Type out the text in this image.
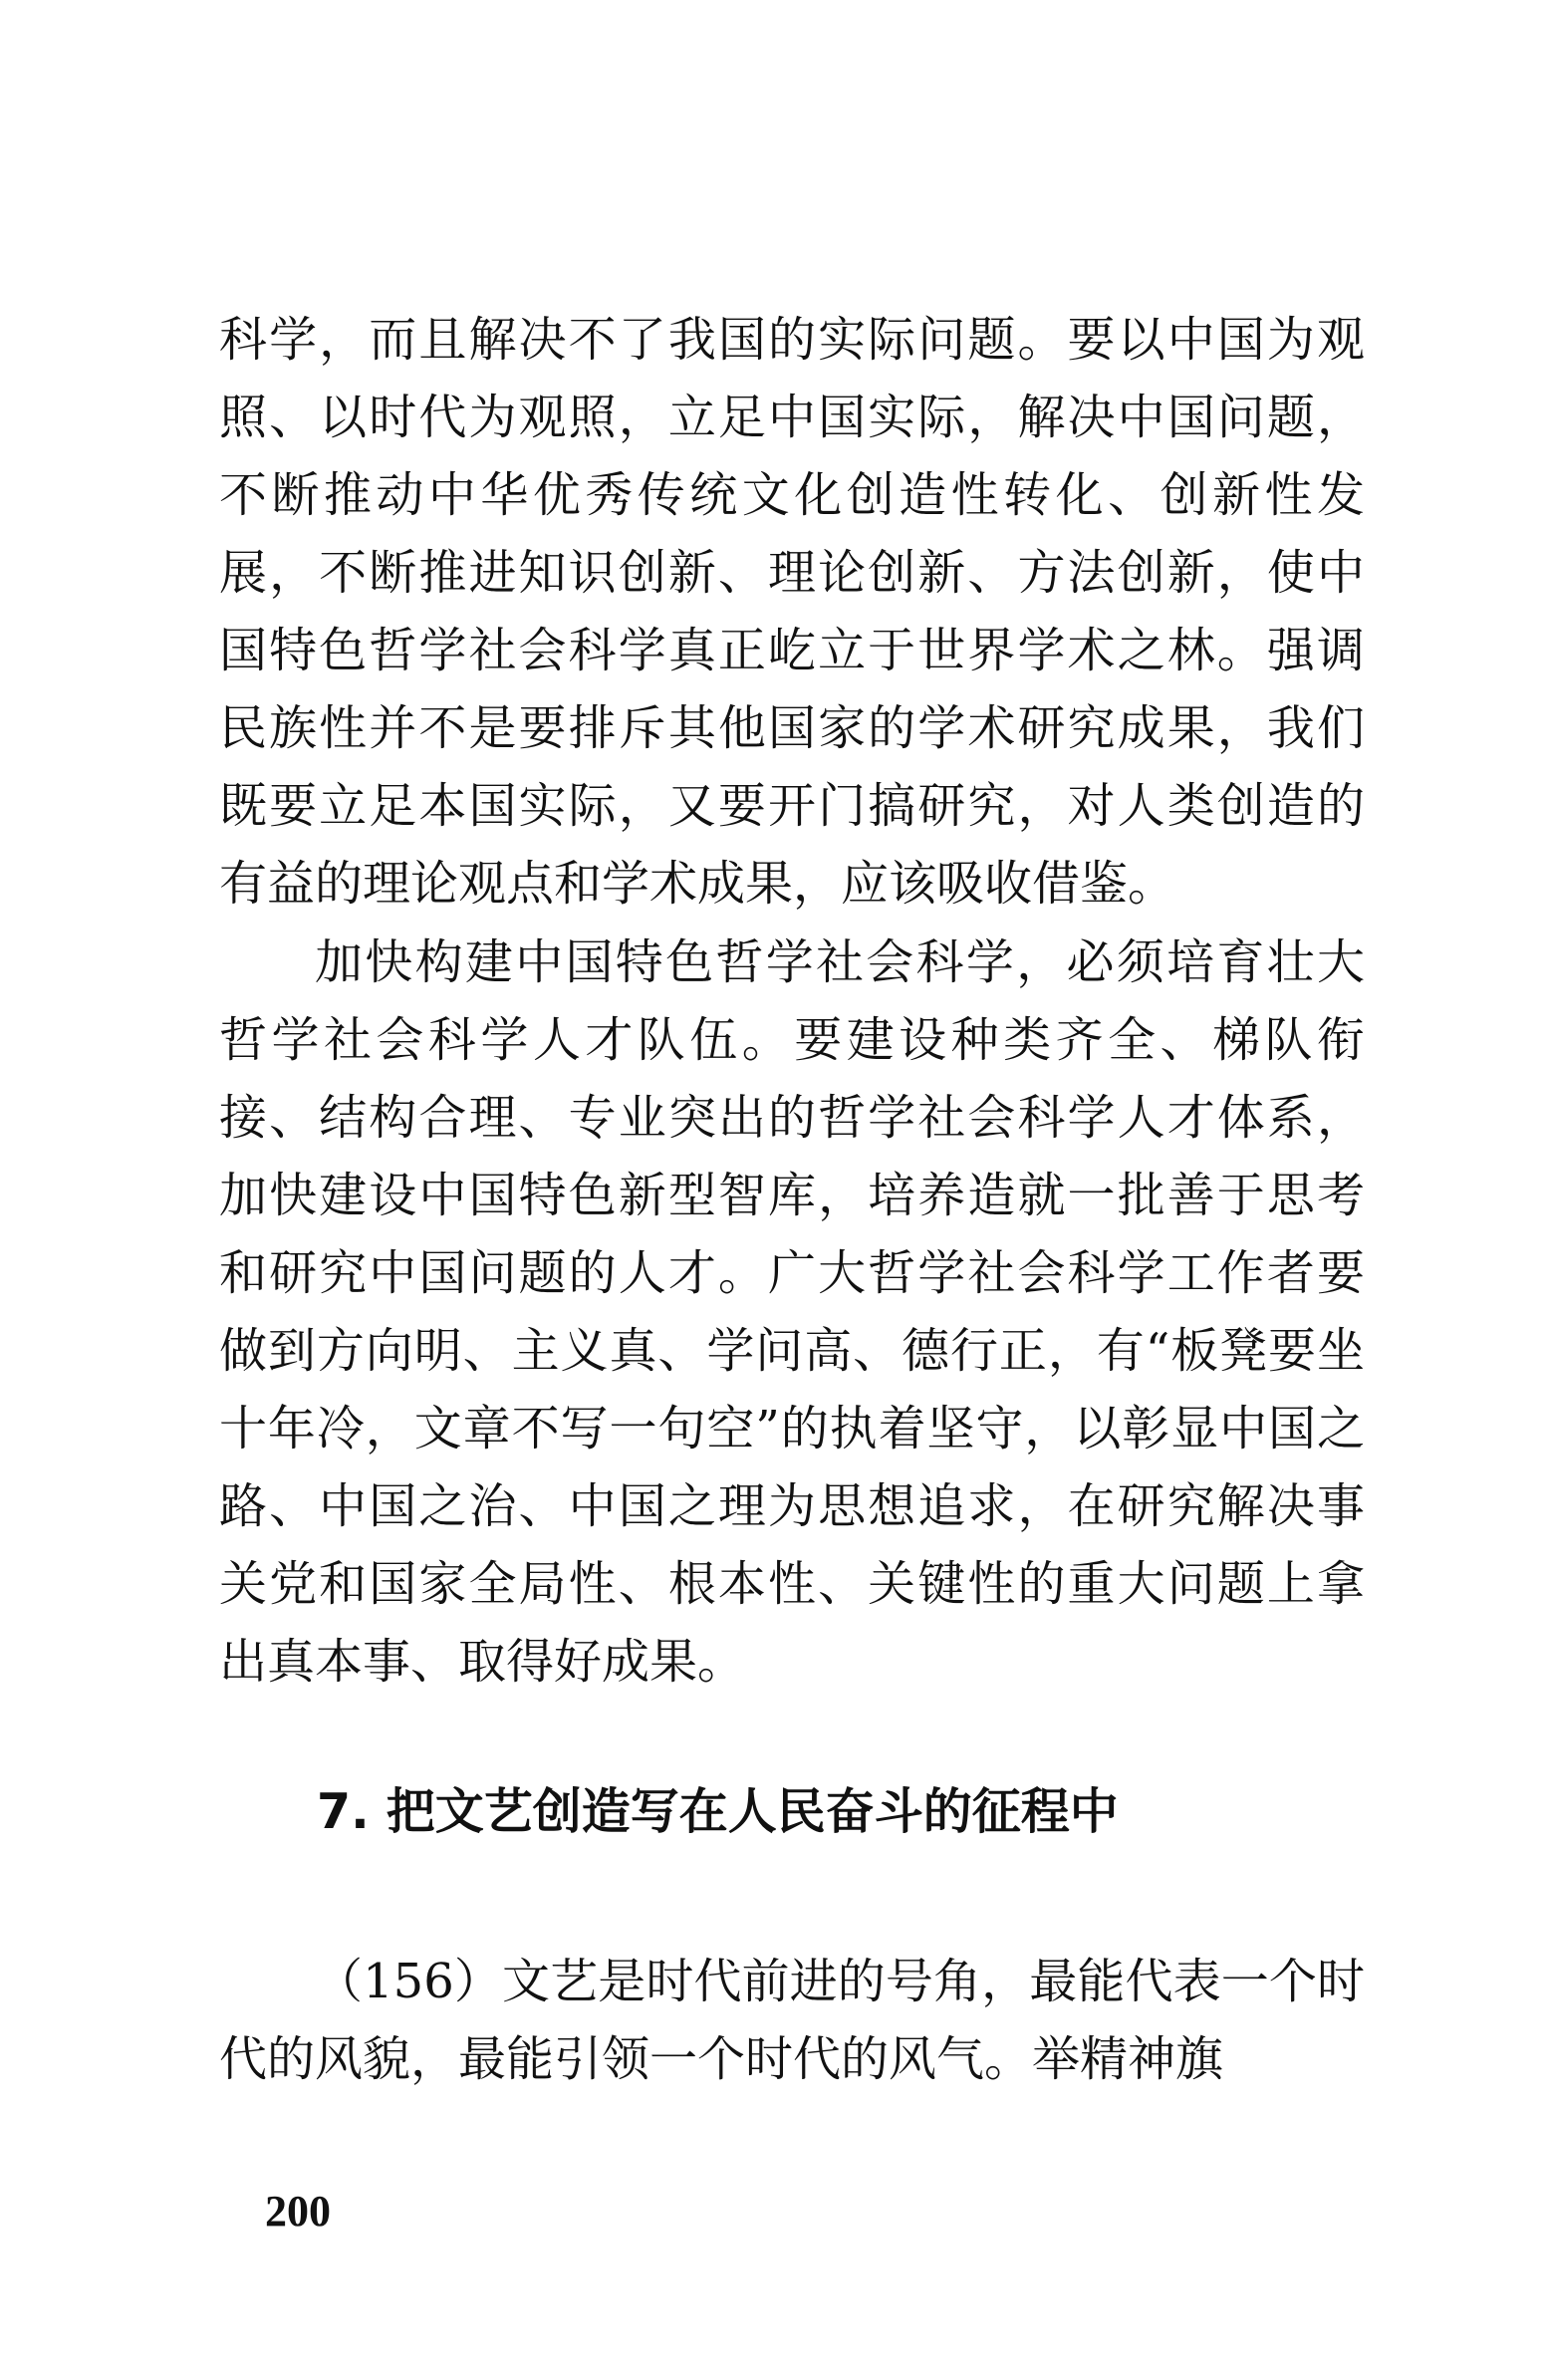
科学，而且解决不了我国的实际问题。要以中国为观照、以时代为观照，立足中国实际，解决中国问题，不断推动中华优秀传统文化创造性转化、创新性发展，不断推进知识创新、理论创新、方法创新，使中国特色哲学社会科学真正屹立于世界学术之林。强调民族性并不是要排斥其他国家的学术研究成果，我们既要立足本国实际，又要开门搞研究，对人类创造的有益的理论观点和学术成果，应该吸收借鉴。

加快构建中国特色哲学社会科学，必须培育壮大哲学社会科学人才队伍。要建设种类齐全、梯队衔接、结构合理、专业突出的哲学社会科学人才体系，加快建设中国特色新型智库，培养造就一批善于思考和研究中国问题的人才。广大哲学社会科学工作者要做到方向明、主义真、学问高、德行正，有“板凳要坐十年冷，文章不写一句空”的执着坚守，以彰显中国之路、中国之治、中国之理为思想追求，在研究解决事关党和国家全局性、根本性、关键性的重大问题上拿出真本事、取得好成果。

7. 把文艺创造写在人民奋斗的征程中

（156）文艺是时代前进的号角，最能代表一个时代的风貌，最能引领一个时代的风气。举精神旗

200
